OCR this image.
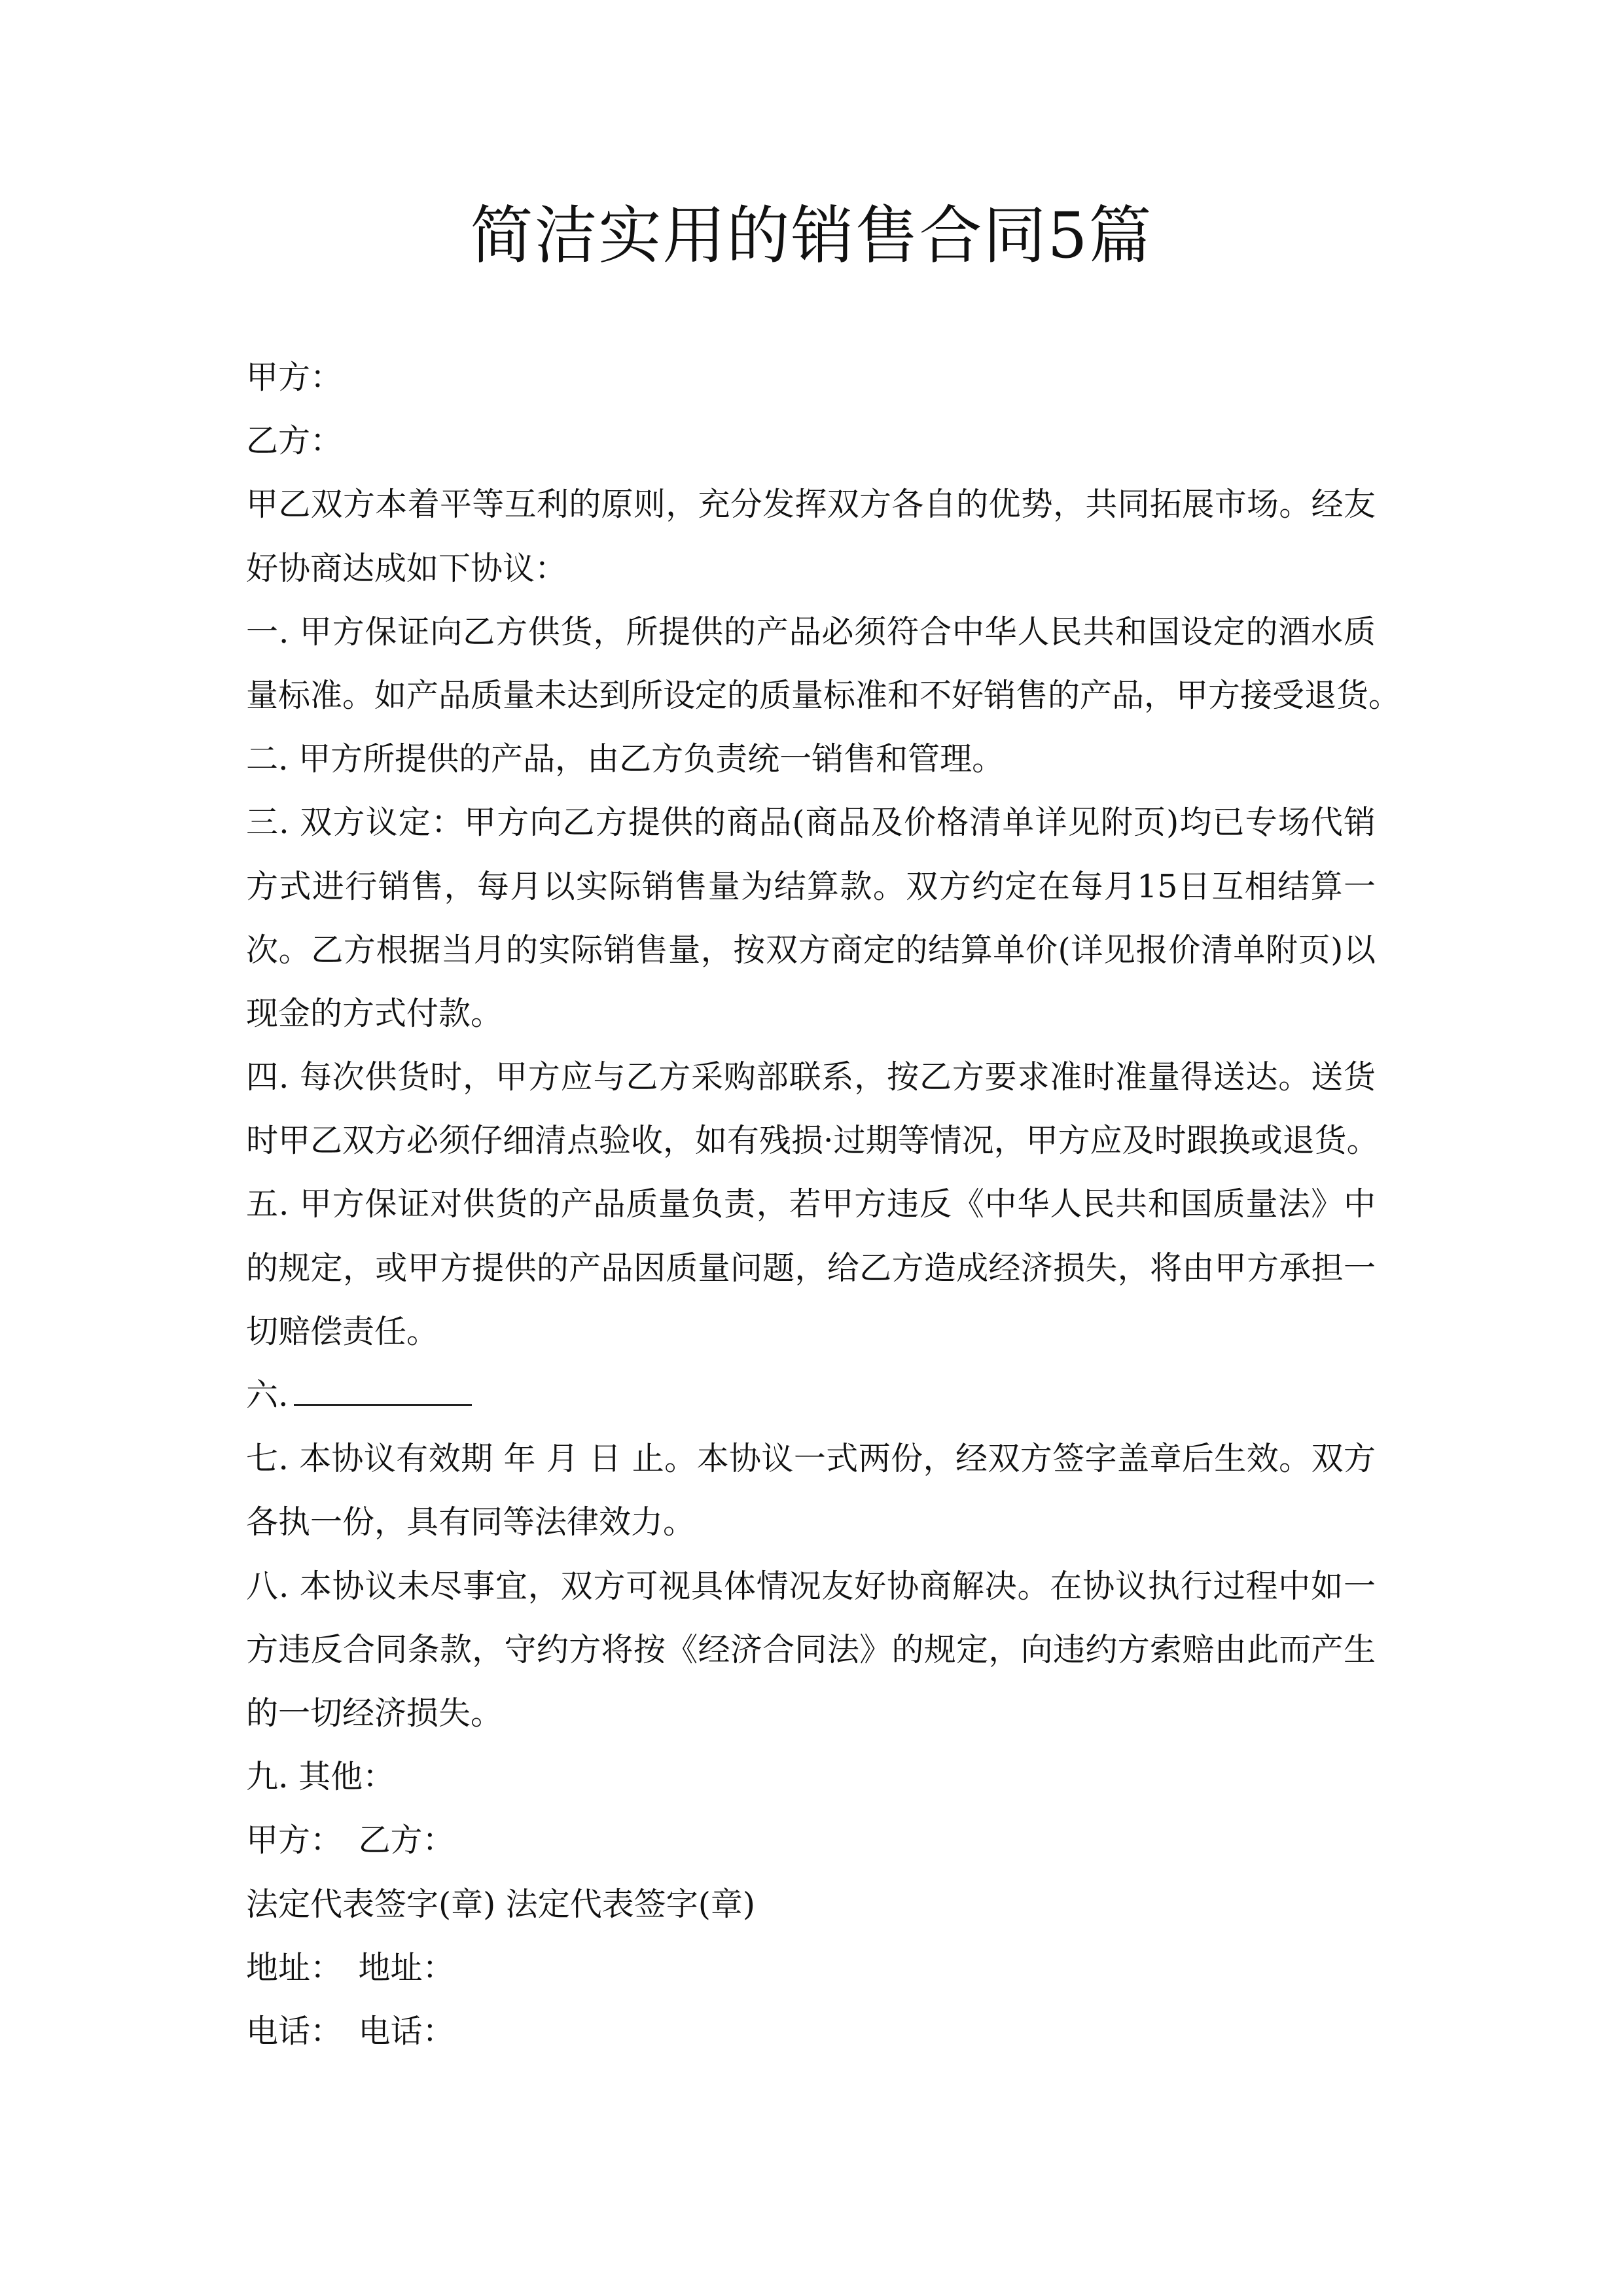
简洁实用的销售合同5篇
甲方：
乙方：
甲乙双方本着平等互利的原则，充分发挥双方各自的优势，共同拓展市场。经友
好协商达成如下协议：
一. 甲方保证向乙方供货，所提供的产品必须符合中华人民共和国设定的酒水质
量标准。如产品质量未达到所设定的质量标准和不好销售的产品，甲方接受退货。
二. 甲方所提供的产品，由乙方负责统一销售和管理。
三. 双方议定：甲方向乙方提供的商品(商品及价格清单详见附页)均已专场代销
方式进行销售，每月以实际销售量为结算款。双方约定在每月15日互相结算一
次。乙方根据当月的实际销售量，按双方商定的结算单价(详见报价清单附页)以
现金的方式付款。
四. 每次供货时，甲方应与乙方采购部联系，按乙方要求准时准量得送达。送货
时甲乙双方必须仔细清点验收，如有残损·过期等情况，甲方应及时跟换或退货。
五. 甲方保证对供货的产品质量负责，若甲方违反《中华人民共和国质量法》中
的规定，或甲方提供的产品因质量问题，给乙方造成经济损失，将由甲方承担一
切赔偿责任。
六.
七. 本协议有效期 年 月 日 止。本协议一式两份，经双方签字盖章后生效。双方
各执一份，具有同等法律效力。
八. 本协议未尽事宜，双方可视具体情况友好协商解决。在协议执行过程中如一
方违反合同条款，守约方将按《经济合同法》的规定，向违约方索赔由此而产生
的一切经济损失。
九. 其他：
甲方：　乙方：
法定代表签字(章) 法定代表签字(章)
地址：　地址：
电话：　电话：
